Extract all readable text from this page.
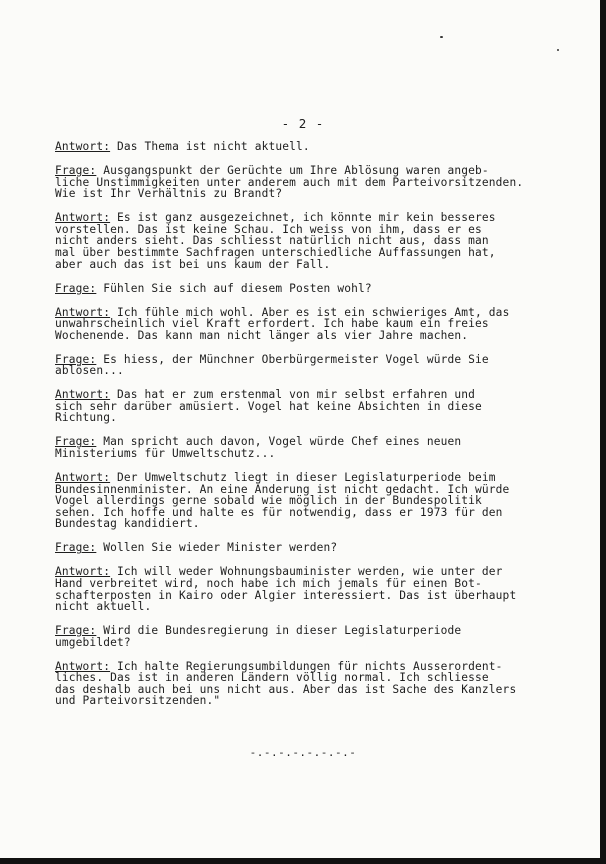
- 2 -
Antwort: Das Thema ist nicht aktuell.
Frage: Ausgangspunkt der Gerüchte um Ihre Ablösung waren angeb-
liche Unstimmigkeiten unter anderem auch mit dem Parteivorsitzenden.
Wie ist Ihr Verhältnis zu Brandt?
Antwort: Es ist ganz ausgezeichnet, ich könnte mir kein besseres
vorstellen. Das ist keine Schau. Ich weiss von ihm, dass er es
nicht anders sieht. Das schliesst natürlich nicht aus, dass man
mal über bestimmte Sachfragen unterschiedliche Auffassungen hat,
aber auch das ist bei uns kaum der Fall.
Frage: Fühlen Sie sich auf diesem Posten wohl?
Antwort: Ich fühle mich wohl. Aber es ist ein schwieriges Amt, das
unwahrscheinlich viel Kraft erfordert. Ich habe kaum ein freies
Wochenende. Das kann man nicht länger als vier Jahre machen.
Frage: Es hiess, der Münchner Oberbürgermeister Vogel würde Sie
ablösen...
Antwort: Das hat er zum erstenmal von mir selbst erfahren und
sich sehr darüber amüsiert. Vogel hat keine Absichten in diese
Richtung.
Frage: Man spricht auch davon, Vogel würde Chef eines neuen
Ministeriums für Umweltschutz...
Antwort: Der Umweltschutz liegt in dieser Legislaturperiode beim
Bundesinnenminister. An eine Änderung ist nicht gedacht. Ich würde
Vogel allerdings gerne sobald wie möglich in der Bundespolitik
sehen. Ich hoffe und halte es für notwendig, dass er 1973 für den
Bundestag kandidiert.
Frage: Wollen Sie wieder Minister werden?
Antwort: Ich will weder Wohnungsbauminister werden, wie unter der
Hand verbreitet wird, noch habe ich mich jemals für einen Bot-
schafterposten in Kairo oder Algier interessiert. Das ist überhaupt
nicht aktuell.
Frage: Wird die Bundesregierung in dieser Legislaturperiode
umgebildet?
Antwort: Ich halte Regierungsumbildungen für nichts Ausserordent-
liches. Das ist in anderen Ländern völlig normal. Ich schliesse
das deshalb auch bei uns nicht aus. Aber das ist Sache des Kanzlers
und Parteivorsitzenden."
-.-.-.-.-.-.-.-
